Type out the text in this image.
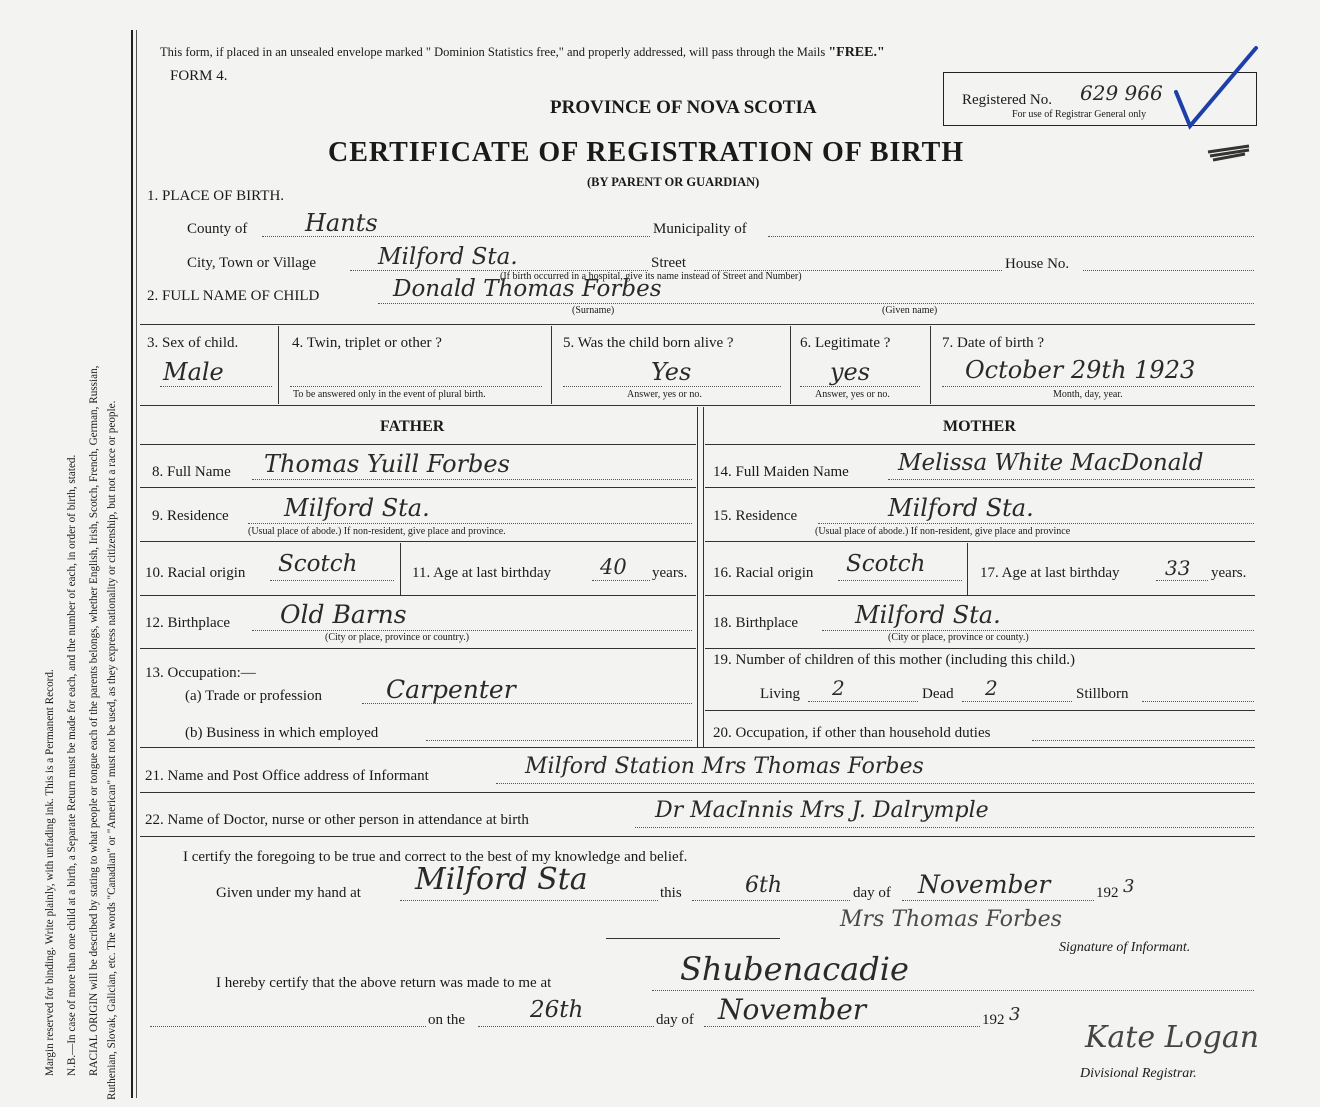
Margin reserved for binding. Write plainly, with unfading ink. This is a Permanent Record. N.B.—In case of more than one child at a birth, a Separate Return must be made for each, and the number of each, in order of birth, stated. RACIAL ORIGIN will be described by stating to what people or tongue each of the parents belongs, whether English, Irish, Scotch, French, German, Russian, Ruthenian, Slovak, Galician, etc. The words "Canadian" or "American" must not be used, as they express nationality or citizenship, but not a race or people.
This form, if placed in an unsealed envelope marked " Dominion Statistics free," and properly addressed, will pass through the Mails "FREE."
FORM 4.
PROVINCE OF NOVA SCOTIA
CERTIFICATE OF REGISTRATION OF BIRTH
(BY PARENT OR GUARDIAN)
Registered No. 629 966
For use of Registrar General only
1. PLACE OF BIRTH.
County of Hants	Municipality of
City, Town or Village	Milford Sta.	Street	House No.
(If birth occurred in a hospital, give its name instead of Street and Number)
2. FULL NAME OF CHILD	Donald Thomas Forbes
(Surname)	(Given name)
3. Sex of child.
Male
4. Twin, triplet or other ?
To be answered only in the event of plural birth.
5. Was the child born alive ?
Yes
Answer, yes or no.
6. Legitimate ?
yes
Answer, yes or no.
7. Date of birth ?
October 29th 1923
Month, day, year.
FATHER	MOTHER
8. Full Name Thomas Yuill Forbes	14. Full Maiden Name Melissa White MacDonald
9. Residence Milford Sta.
(Usual place of abode.) If non-resident, give place and province.
15. Residence	Milford Sta.
(Usual place of abode.) If non-resident, give place and province
10. Racial origin Scotch	11. Age at last birthday 40 years. 16. Racial origin Scotch	17. Age at last birthday 33 years.
12. Birthplace Old Barns
(City or place, province or country.)
18. Birthplace Milford Sta.
(City or place, province or county.)
13. Occupation:—
(a) Trade or profession	Carpenter
(b) Business in which employed
19. Number of children of this mother (including this child.)
Living 2	Dead 2	Stillborn
20. Occupation, if other than household duties
21. Name and Post Office address of Informant	Milford Station Mrs Thomas Forbes
22. Name of Doctor, nurse or other person in attendance at birth	Dr MacInnis Mrs J. Dalrymple
I certify the foregoing to be true and correct to the best of my knowledge and belief.
Given under my hand at Milford Sta	this	6th	day of November	192 3
Mrs Thomas Forbes
Signature of Informant.
I hereby certify that the above return was made to me at	Shubenacadie
on the	26th	day of November	192 3
Kate Logan
Divisional Registrar.
